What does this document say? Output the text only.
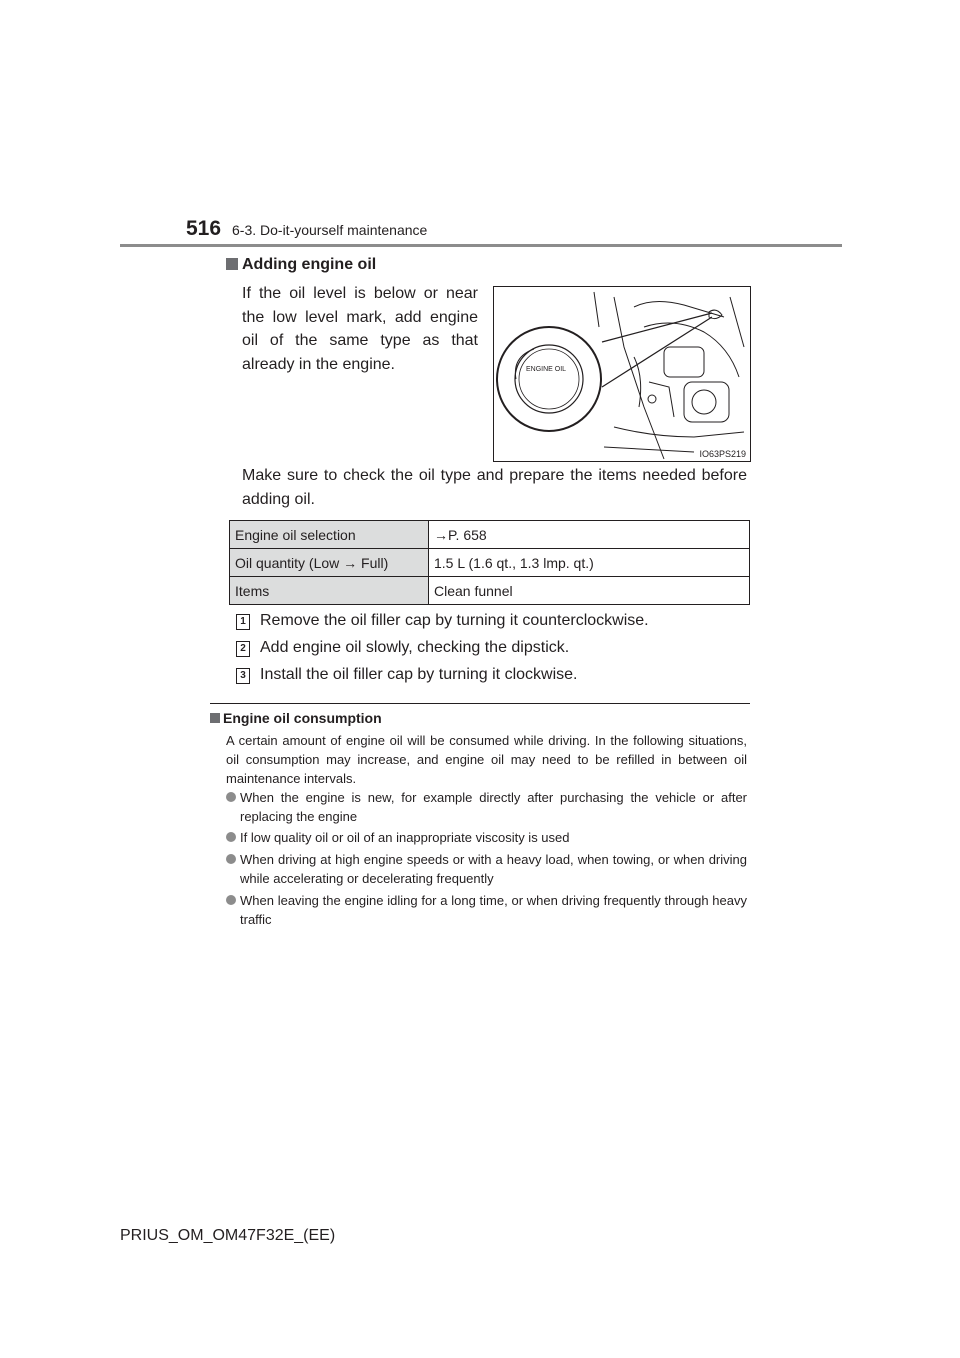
516 6-3. Do-it-yourself maintenance
Adding engine oil
If the oil level is below or near the low level mark, add engine oil of the same type as that already in the engine.	ENGINE OIL
IO63PS219
Make sure to check the oil type and prepare the items needed before adding oil.
Engine oil selection	→P. 658
Oil quantity (Low → Full)	1.5 L (1.6 qt., 1.3 lmp. qt.)
Items	Clean funnel
1 Remove the oil filler cap by turning it counterclockwise.
2 Add engine oil slowly, checking the dipstick.
3 Install the oil filler cap by turning it clockwise.
Engine oil consumption
A certain amount of engine oil will be consumed while driving. In the following situations, oil consumption may increase, and engine oil may need to be refilled in between oil maintenance intervals.
When the engine is new, for example directly after purchasing the vehicle or after replacing the engine
If low quality oil or oil of an inappropriate viscosity is used
When driving at high engine speeds or with a heavy load, when towing, or when driving while accelerating or decelerating frequently
When leaving the engine idling for a long time, or when driving frequently through heavy traffic
PRIUS_OM_OM47F32E_(EE)
